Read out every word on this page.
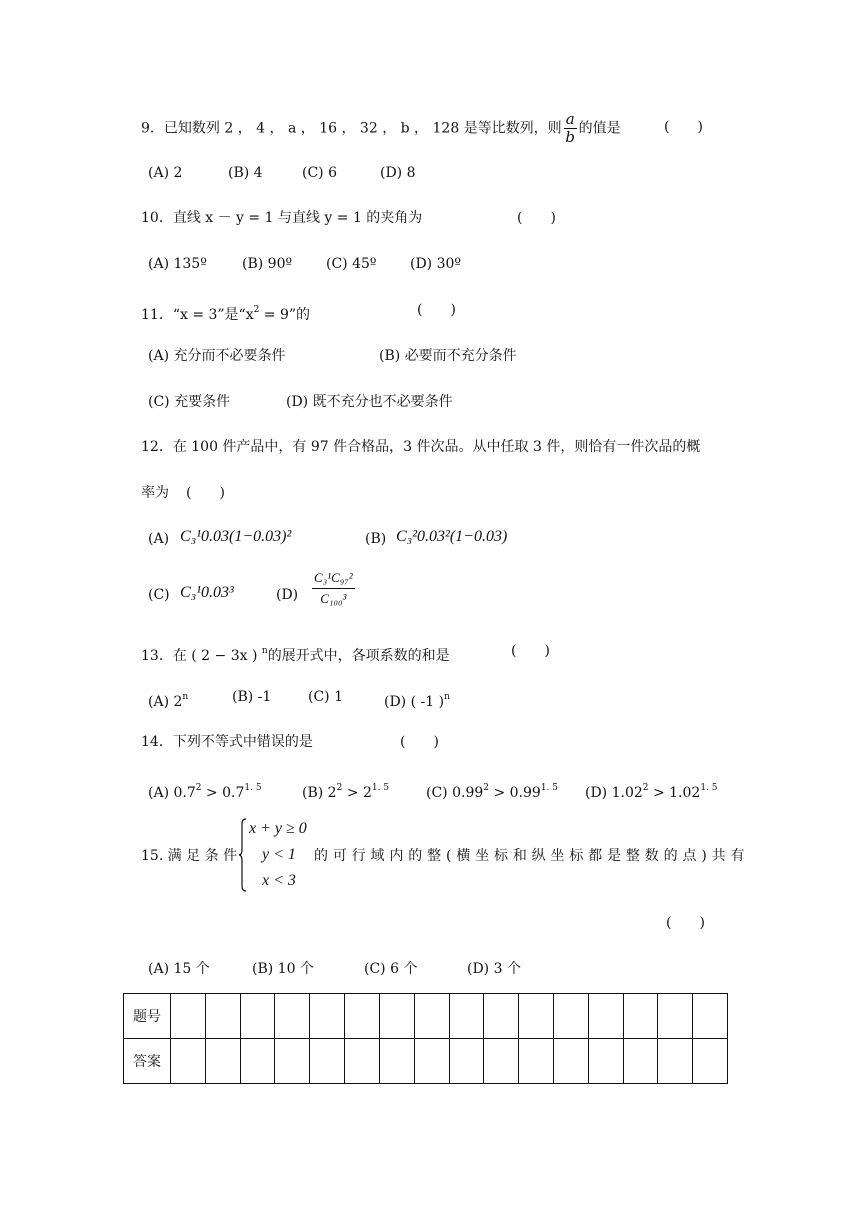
9．已知数列 2 ， 4 ， a ， 16 ， 32 ， b ， 128 是等比数列，则 $\frac{a}{b}$ 的值是	(　　)
(A) 2	(B) 4	(C) 6	(D) 8
10．直线 x － y = 1 与直线 y = 1 的夹角为	(　　)
(A) 135º	(B) 90º (C) 45º (D) 30º
11．“x = 3”是“$x^2 = 9$”的	(　　)
(A) 充分而不必要条件	(B) 必要而不充分条件
(C) 充要条件	(D) 既不充分也不必要条件
12．在 100 件产品中，有 97 件合格品，3 件次品。从中任取 3 件，则恰有一件次品的概
率为 (　　)
(A) C₃¹0.03(1−0.03)²	(B) C₃²0.03²(1−0.03)
(C) C₃¹0.03³	$(D) \frac{\text{C₃¹C₉₇²}}{\text{C₁₀₀³}}$
13．在 ( 2 − 3x ) $^n$的展开式中，各项系数的和是	(　　)
(A) 2$^n$	(B) -1	(C) 1	(D) ( -1 )$^n$
14．下列不等式中错误的是	(　　)
(A) $0.7^2 > 0.7^{1. 5}$	(B) $2^2 > 2^{1. 5}$	(C) $0.99^2 > 0.99^{1. 5}$ (D) $1.02^2 > 1.02^{1. 5}$
15. 满 足 条 件
x + y ≥ 0
y < 1
x < 3
的 可 行 域 内 的 整 ( 横 坐 标 和 纵 坐 标 都 是 整 数 的 点 ) 共 有
(　　)
(A) 15 个	(B) 10 个	(C) 6 个	(D) 3 个
题号																
答案																
